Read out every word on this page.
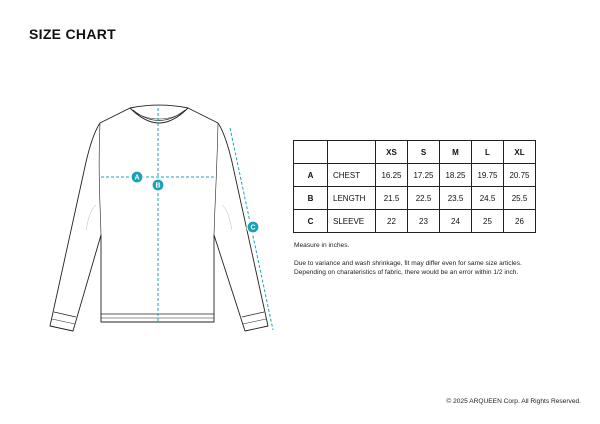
SIZE CHART
A
B
C
		XS	S	M	L	XL
A	CHEST	16.25	17.25	18.25	19.75	20.75
B	LENGTH	21.5	22.5	23.5	24.5	25.5
C	SLEEVE	22	23	24	25	26

Measure in inches.

Due to variance and wash shrinkage, fit may differ even for same size articles.

Depending on charateristics of fabric, there would be an error within 1/2 inch.

© 2025 ARQUEEN Corp. All Rights Reserved.
